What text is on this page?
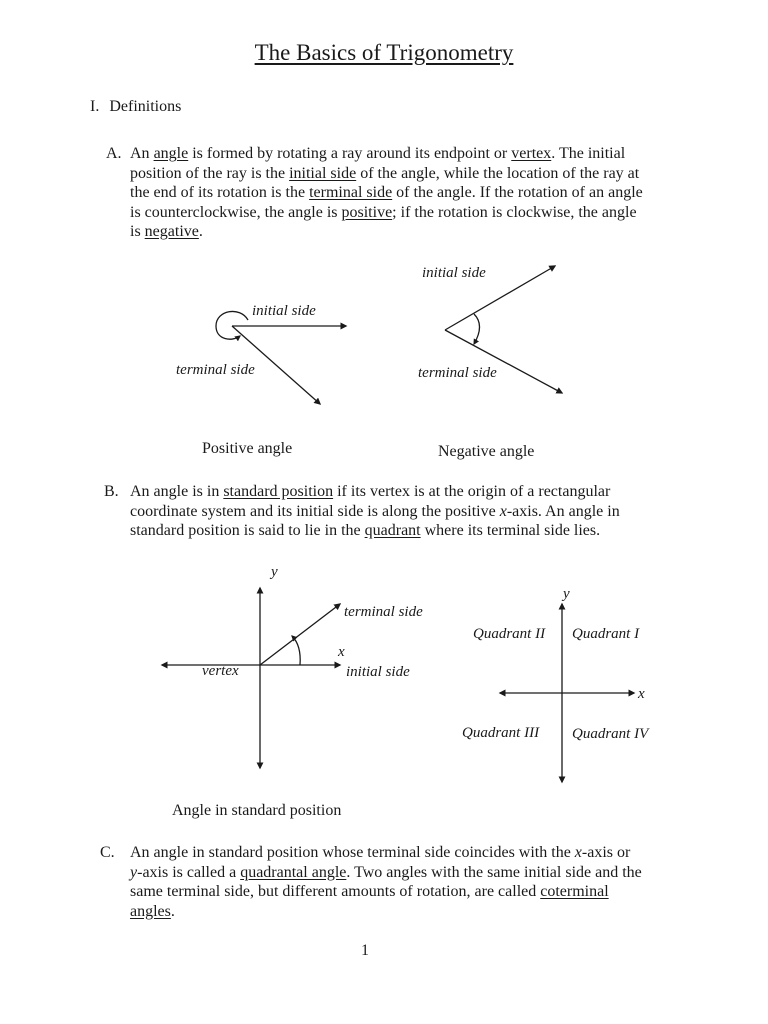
The Basics of Trigonometry
I. Definitions
A. An angle is formed by rotating a ray around its endpoint or vertex. The initial position of the ray is the initial side of the angle, while the location of the ray at the end of its rotation is the terminal side of the angle. If the rotation of an angle is counterclockwise, the angle is positive; if the rotation is clockwise, the angle is negative.
initial side
terminal side
initial side
terminal side
Positive angle	Negative angle
B. An angle is in standard position if its vertex is at the origin of a rectangular coordinate system and its initial side is along the positive x-axis. An angle in standard position is said to lie in the quadrant where its terminal side lies.
y
terminal side
x
initial side
vertex
y
x
Quadrant II Quadrant I
Quadrant III Quadrant IV
Angle in standard position
C. An angle in standard position whose terminal side coincides with the x-axis or y-axis is called a quadrantal angle. Two angles with the same initial side and the same terminal side, but different amounts of rotation, are called coterminal angles.
1
